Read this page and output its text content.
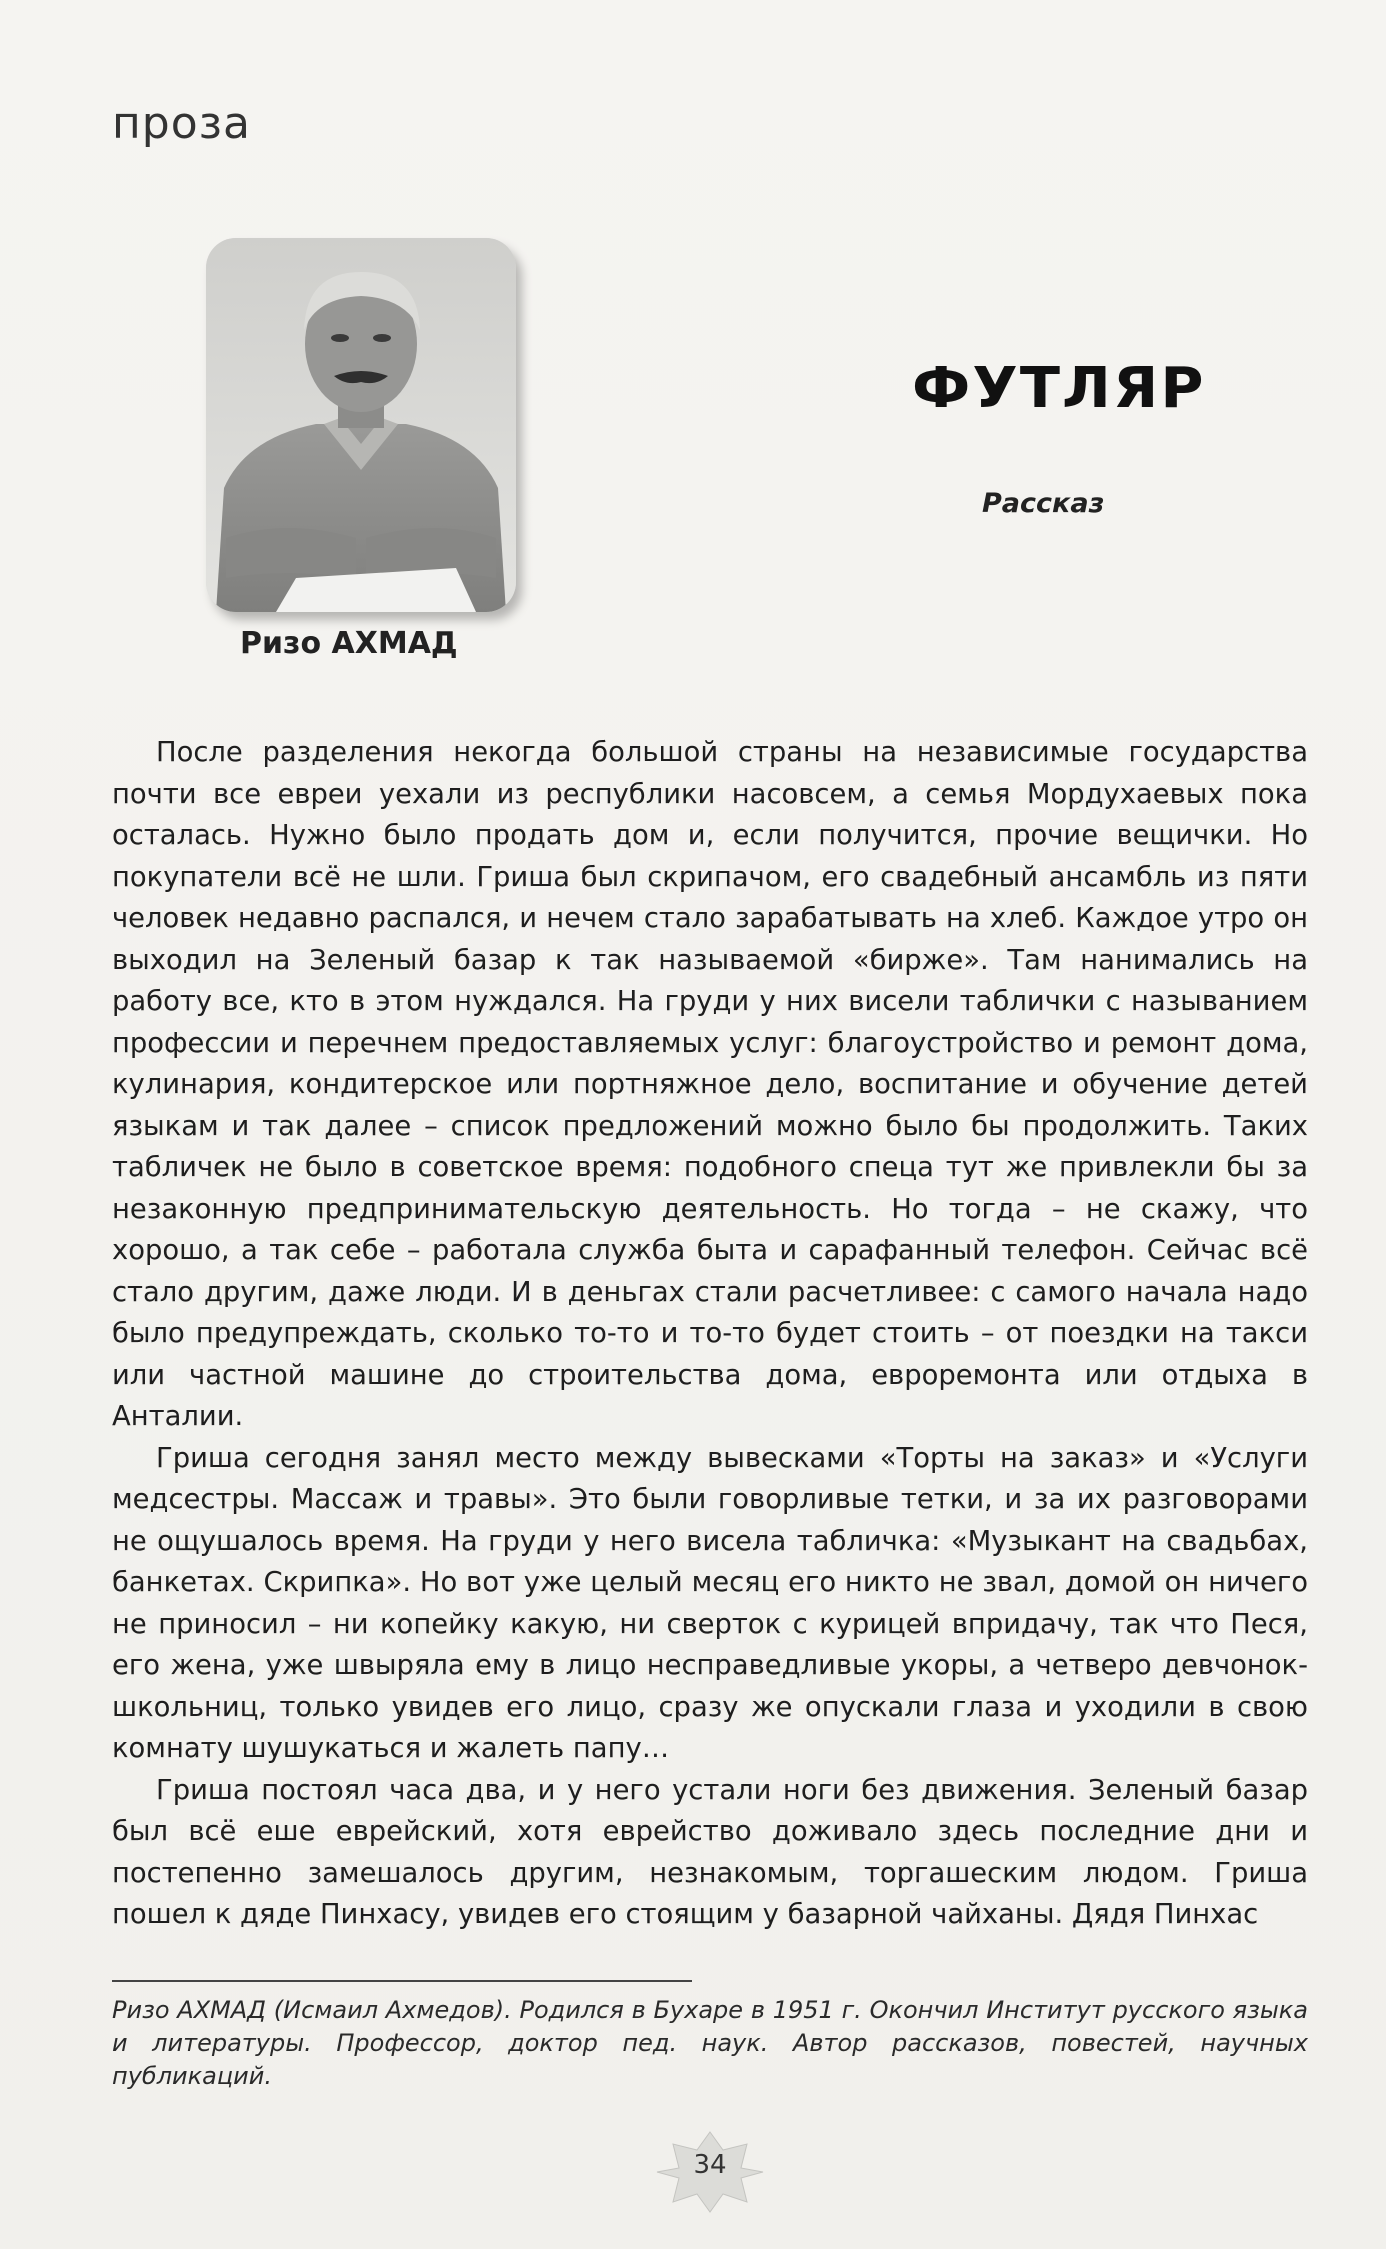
проза
Ризо АХМАД
ФУТЛЯР
Рассказ

После разделения некогда большой страны на независимые государства почти все евреи уехали из республики насовсем, а семья Мордухаевых пока осталась. Нужно было продать дом и, если получится, прочие вещички. Но покупатели всё не шли. Гриша был скрипачом, его свадебный ансамбль из пяти человек недавно распался, и нечем стало зарабатывать на хлеб. Каждое утро он выходил на Зеленый базар к так называемой «бирже». Там нанимались на работу все, кто в этом нуждался. На груди у них висели таблички с называнием профессии и перечнем предоставляемых услуг: благоустройство и ремонт дома, кулинария, кондитерское или портняжное дело, воспитание и обучение детей языкам и так далее – список предложений можно было бы продолжить. Таких табличек не было в советское время: подобного спеца тут же привлекли бы за незаконную предпринимательскую деятельность. Но тогда – не скажу, что хорошо, а так себе – работала служба быта и сарафанный телефон. Сейчас всё стало другим, даже люди. И в деньгах стали расчетливее: с самого начала надо было предупреждать, сколько то-то и то-то будет стоить – от поездки на такси или частной машине до строительства дома, евроремонта или отдыха в Анталии.

Гриша сегодня занял место между вывесками «Торты на заказ» и «Услуги медсестры. Массаж и травы». Это были говорливые тетки, и за их разговорами не ощушалось время. На груди у него висела табличка: «Музыкант на свадьбах, банкетах. Скрипка». Но вот уже целый месяц его никто не звал, домой он ничего не приносил – ни копейку какую, ни сверток с курицей впридачу, так что Песя, его жена, уже швыряла ему в лицо несправедливые укоры, а четверо девчонок-школьниц, только увидев его лицо, сразу же опускали глаза и уходили в свою комнату шушукаться и жалеть папу…

Гриша постоял часа два, и у него устали ноги без движения. Зеленый базар был всё еше еврейский, хотя еврейство доживало здесь последние дни и постепенно замешалось другим, незнакомым, торгашеским людом. Гриша пошел к дяде Пинхасу, увидев его стоящим у базарной чайханы. Дядя Пинхас

Ризо АХМАД (Исмаил Ахмедов). Родился в Бухаре в 1951 г. Окончил Институт русского языка и литературы. Профессор, доктор пед. наук. Автор рассказов, повестей, научных публикаций.
34
